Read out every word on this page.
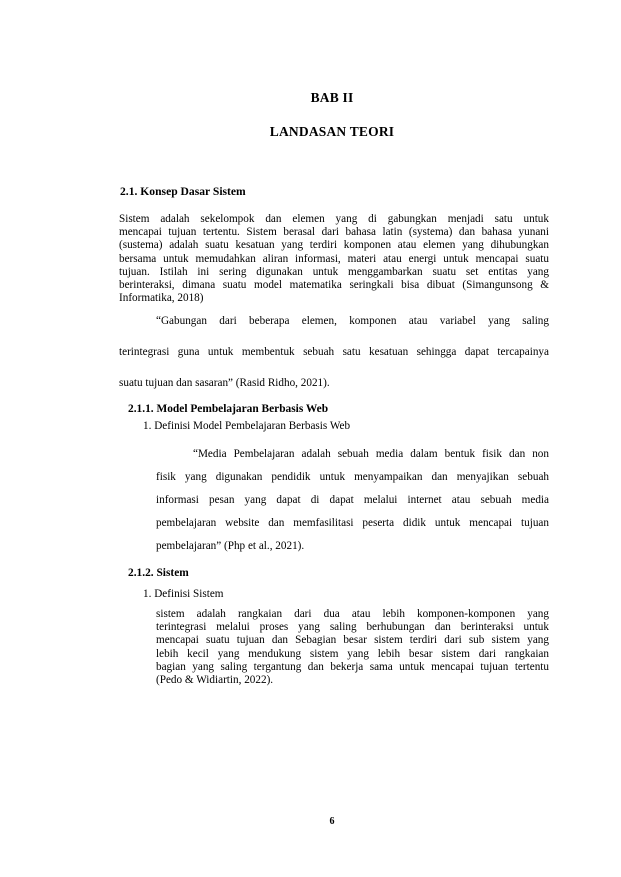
BAB II
LANDASAN TEORI
2.1. Konsep Dasar Sistem
Sistem adalah sekelompok dan elemen yang di gabungkan menjadi satu untuk
mencapai tujuan tertentu. Sistem berasal dari bahasa latin (systema) dan bahasa yunani
(sustema) adalah suatu kesatuan yang terdiri komponen atau elemen yang dihubungkan
bersama untuk memudahkan aliran informasi, materi atau energi untuk mencapai suatu
tujuan. Istilah ini sering digunakan untuk menggambarkan suatu set entitas yang
berinteraksi, dimana suatu model matematika seringkali bisa dibuat (Simangunsong &
Informatika, 2018)
“Gabungan dari beberapa elemen, komponen atau variabel yang saling
terintegrasi guna untuk membentuk sebuah satu kesatuan sehingga dapat tercapainya
suatu tujuan dan sasaran” (Rasid Ridho, 2021).
2.1.1. Model Pembelajaran Berbasis Web
1. Definisi Model Pembelajaran Berbasis Web
“Media Pembelajaran adalah sebuah media dalam bentuk fisik dan non
fisik yang digunakan pendidik untuk menyampaikan dan menyajikan sebuah
informasi pesan yang dapat di dapat melalui internet atau sebuah media
pembelajaran website dan memfasilitasi peserta didik untuk mencapai tujuan
pembelajaran” (Php et al., 2021).
2.1.2. Sistem
1. Definisi Sistem
sistem adalah rangkaian dari dua atau lebih komponen-komponen yang
terintegrasi melalui proses yang saling berhubungan dan berinteraksi untuk
mencapai suatu tujuan dan Sebagian besar sistem terdiri dari sub sistem yang
lebih kecil yang mendukung sistem yang lebih besar sistem dari rangkaian
bagian yang saling tergantung dan bekerja sama untuk mencapai tujuan tertentu
(Pedo & Widiartin, 2022).
6
